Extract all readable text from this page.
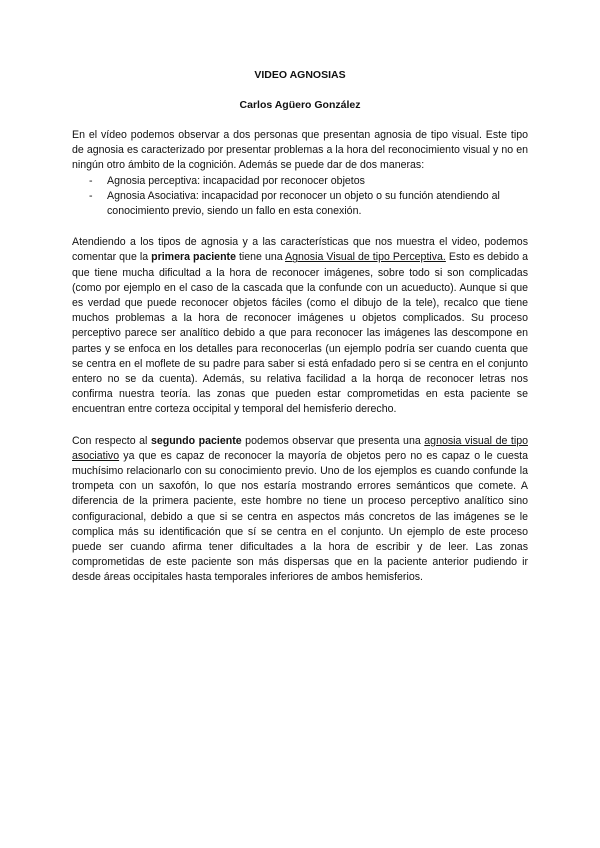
VIDEO AGNOSIAS
Carlos Agüero González

En el vídeo podemos observar a dos personas que presentan agnosia de tipo visual. Este tipo de agnosia es caracterizado por presentar problemas a la hora del reconocimiento visual y no en ningún otro ámbito de la cognición. Además se puede dar de dos maneras:

- Agnosia perceptiva: incapacidad por reconocer objetos
- Agnosia Asociativa: incapacidad por reconocer un objeto o su función atendiendo al conocimiento previo, siendo un fallo en esta conexión.

Atendiendo a los tipos de agnosia y a las características que nos muestra el video, podemos comentar que la primera paciente tiene una Agnosia Visual de tipo Perceptiva. Esto es debido a que tiene mucha dificultad a la hora de reconocer imágenes, sobre todo si son complicadas (como por ejemplo en el caso de la cascada que la confunde con un acueducto). Aunque si que es verdad que puede reconocer objetos fáciles (como el dibujo de la tele), recalco que tiene muchos problemas a la hora de reconocer imágenes u objetos complicados. Su proceso perceptivo parece ser analítico debido a que para reconocer las imágenes las descompone en partes y se enfoca en los detalles para reconocerlas (un ejemplo podría ser cuando cuenta que se centra en el moflete de su padre para saber si está enfadado pero si se centra en el conjunto entero no se da cuenta). Además, su relativa facilidad a la horqa de reconocer letras nos confirma nuestra teoría. las zonas que pueden estar comprometidas en esta paciente se encuentran entre corteza occipital y temporal del hemisferio derecho.

Con respecto al segundo paciente podemos observar que presenta una agnosia visual de tipo asociativo ya que es capaz de reconocer la mayoría de objetos pero no es capaz o le cuesta muchísimo relacionarlo con su conocimiento previo. Uno de los ejemplos es cuando confunde la trompeta con un saxofón, lo que nos estaría mostrando errores semánticos que comete. A diferencia de la primera paciente, este hombre no tiene un proceso perceptivo analítico sino configuracional, debido a que si se centra en aspectos más concretos de las imágenes se le complica más su identificación que sí se centra en el conjunto. Un ejemplo de este proceso puede ser cuando afirma tener dificultades a la hora de escribir y de leer. Las zonas comprometidas de este paciente son más dispersas que en la paciente anterior pudiendo ir desde áreas occipitales hasta temporales inferiores de ambos hemisferios.
